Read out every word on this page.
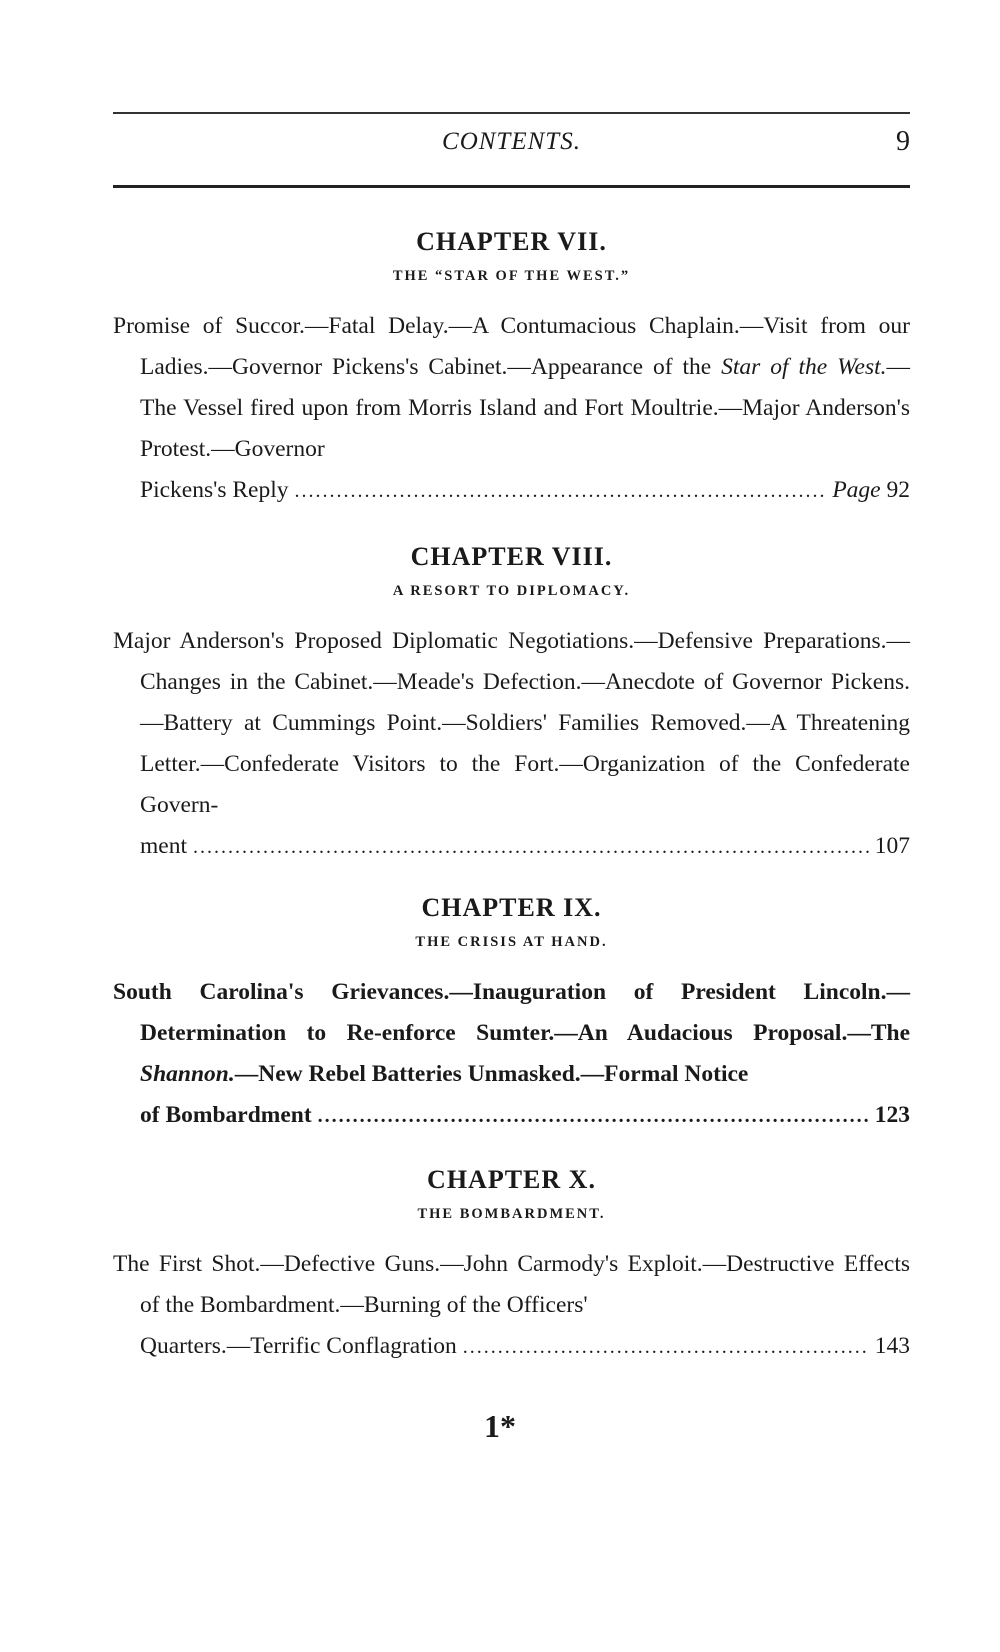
CONTENTS.	9
CHAPTER VII.
THE “STAR OF THE WEST.”
Promise of Succor.—Fatal Delay.—A Contumacious Chaplain.—Visit from our Ladies.—Governor Pickens's Cabinet.—Appearance of the Star of the West.—The Vessel fired upon from Morris Island and Fort Moultrie.—Major Anderson's Protest.—Governor
Pickens's Reply .....	Page 92
CHAPTER VIII.
A RESORT TO DIPLOMACY.
Major Anderson's Proposed Diplomatic Negotiations.—Defensive Preparations.—Changes in the Cabinet.—Meade's Defection.—Anecdote of Governor Pickens.—Battery at Cummings Point.—Soldiers' Families Removed.—A Threatening Letter.—Confederate Visitors to the Fort.—Organization of the Confederate Govern-
ment .....	107
CHAPTER IX.
THE CRISIS AT HAND.
South Carolina's Grievances.—Inauguration of President Lincoln.—Determination to Re-enforce Sumter.—An Audacious Proposal.—The Shannon.—New Rebel Batteries Unmasked.—Formal Notice
of Bombardment .....	123
CHAPTER X.
THE BOMBARDMENT.
The First Shot.—Defective Guns.—John Carmody's Exploit.—Destructive Effects of the Bombardment.—Burning of the Officers'
Quarters.—Terrific Conflagration .....	143
1*
